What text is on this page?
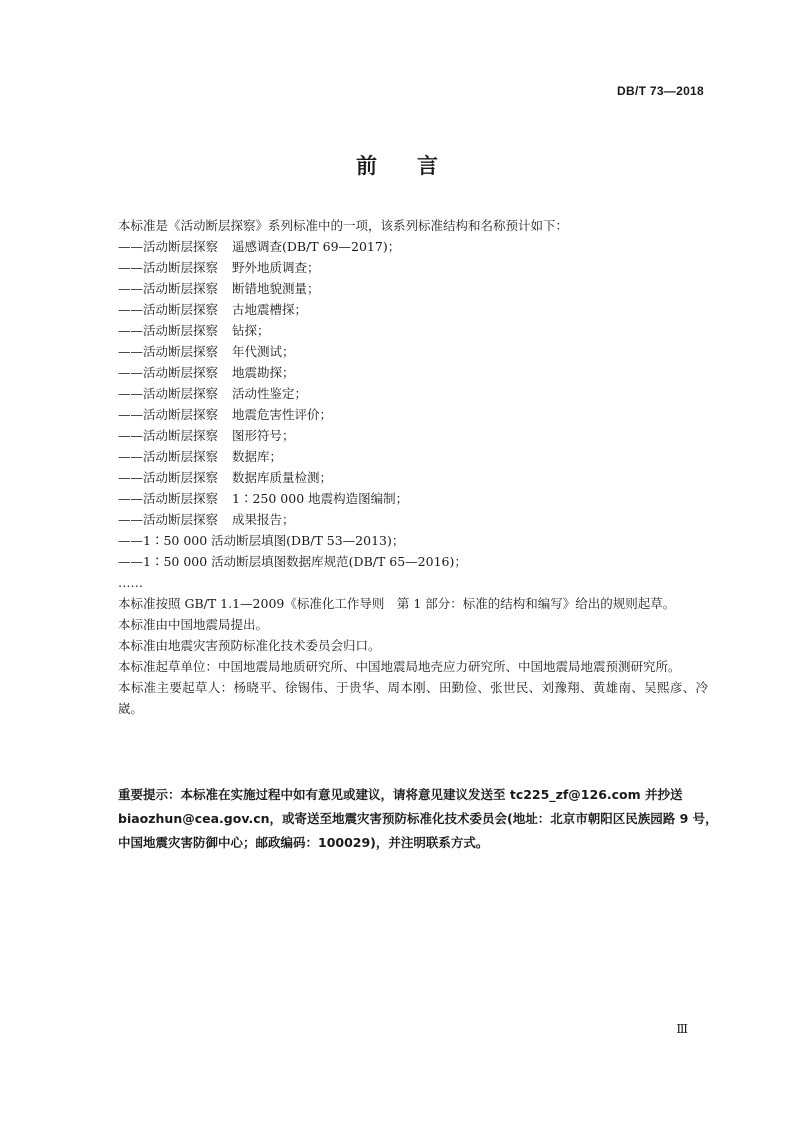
DB/T 73—2018
前言

本标准是《活动断层探察》系列标准中的一项，该系列标准结构和名称预计如下：

——活动断层探察 遥感调查(DB/T 69—2017)；
——活动断层探察 野外地质调查；
——活动断层探察 断错地貌测量；
——活动断层探察 古地震槽探；
——活动断层探察 钻探；
——活动断层探察 年代测试；
——活动断层探察 地震勘探；
——活动断层探察 活动性鉴定；
——活动断层探察 地震危害性评价；
——活动断层探察 图形符号；
——活动断层探察 数据库；
——活动断层探察 数据库质量检测；
——活动断层探察 1∶250 000 地震构造图编制；
——活动断层探察 成果报告；
——1∶50 000 活动断层填图(DB/T 53—2013)；
——1∶50 000 活动断层填图数据库规范(DB/T 65—2016)；
……

本标准按照 GB/T 1.1—2009《标准化工作导则　第 1 部分：标准的结构和编写》给出的规则起草。

本标准由中国地震局提出。

本标准由地震灾害预防标准化技术委员会归口。

本标准起草单位：中国地震局地质研究所、中国地震局地壳应力研究所、中国地震局地震预测研究所。

本标准主要起草人：杨晓平、徐锡伟、于贵华、周本刚、田勤俭、张世民、刘豫翔、黄雄南、吴熙彦、冷崴。

重要提示：本标准在实施过程中如有意见或建议，请将意见建议发送至 tc225_zf@126.com 并抄送
biaozhun@cea.gov.cn，或寄送至地震灾害预防标准化技术委员会(地址：北京市朝阳区民族园路 9 号，
中国地震灾害防御中心；邮政编码：100029)，并注明联系方式。
Ⅲ
